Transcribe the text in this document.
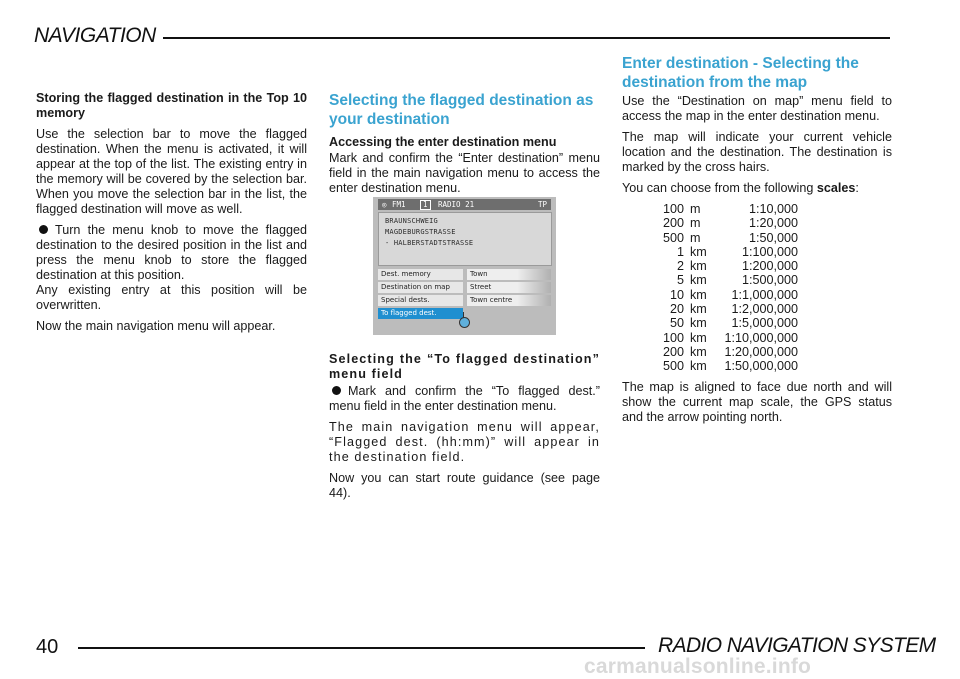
NAVIGATION

Storing the flagged destination in the Top 10 memory

Use the selection bar to move the flagged destination. When the menu is activated, it will appear at the top of the list. The existing entry in the memory will be covered by the selection bar. When you move the selection bar in the list, the flagged destination will move as well.

Turn the menu knob to move the flagged destination to the desired position in the list and press the menu knob to store the flagged destination at this position.

Any existing entry at this position will be overwritten.

Now the main navigation menu will appear.

Selecting the flagged destination as your destination

Accessing the enter destination menu

Mark and confirm the “Enter destination” menu field in the main navigation menu to access the enter destination menu.

Selecting the “To flagged destination” menu field

Mark and confirm the “To flagged dest.” menu field in the enter destination menu.

The main navigation menu will appear, “Flagged dest. (hh:mm)” will appear in the destination field.

Now you can start route guidance (see page 44).

◎ FM1	1	RADIO 21	TP
BRAUNSCHWEIG
MAGDEBURGSTRASSE
- HALBERSTADTSTRASSE
Dest. memory
Destination on map
Special dests.
To flagged dest.
Town
Street
Town centre

Enter destination - Selecting the destination from the map

Use the “Destination on map” menu field to access the map in the enter destination menu.

The map will indicate your current vehicle location and the destination. The destination is marked by the cross hairs.

You can choose from the following scales:

100 m	1:10,000
200 m	1:20,000
500 m	1:50,000
1 km	1:100,000
2 km	1:200,000
5 km	1:500,000
10 km	1:1,000,000
20 km	1:2,000,000
50 km	1:5,000,000
100 km	1:10,000,000
200 km	1:20,000,000
500 km	1:50,000,000

The map is aligned to face due north and will show the current map scale, the GPS status and the arrow pointing north.

40	RADIO NAVIGATION SYSTEM
carmanualsonline.info
